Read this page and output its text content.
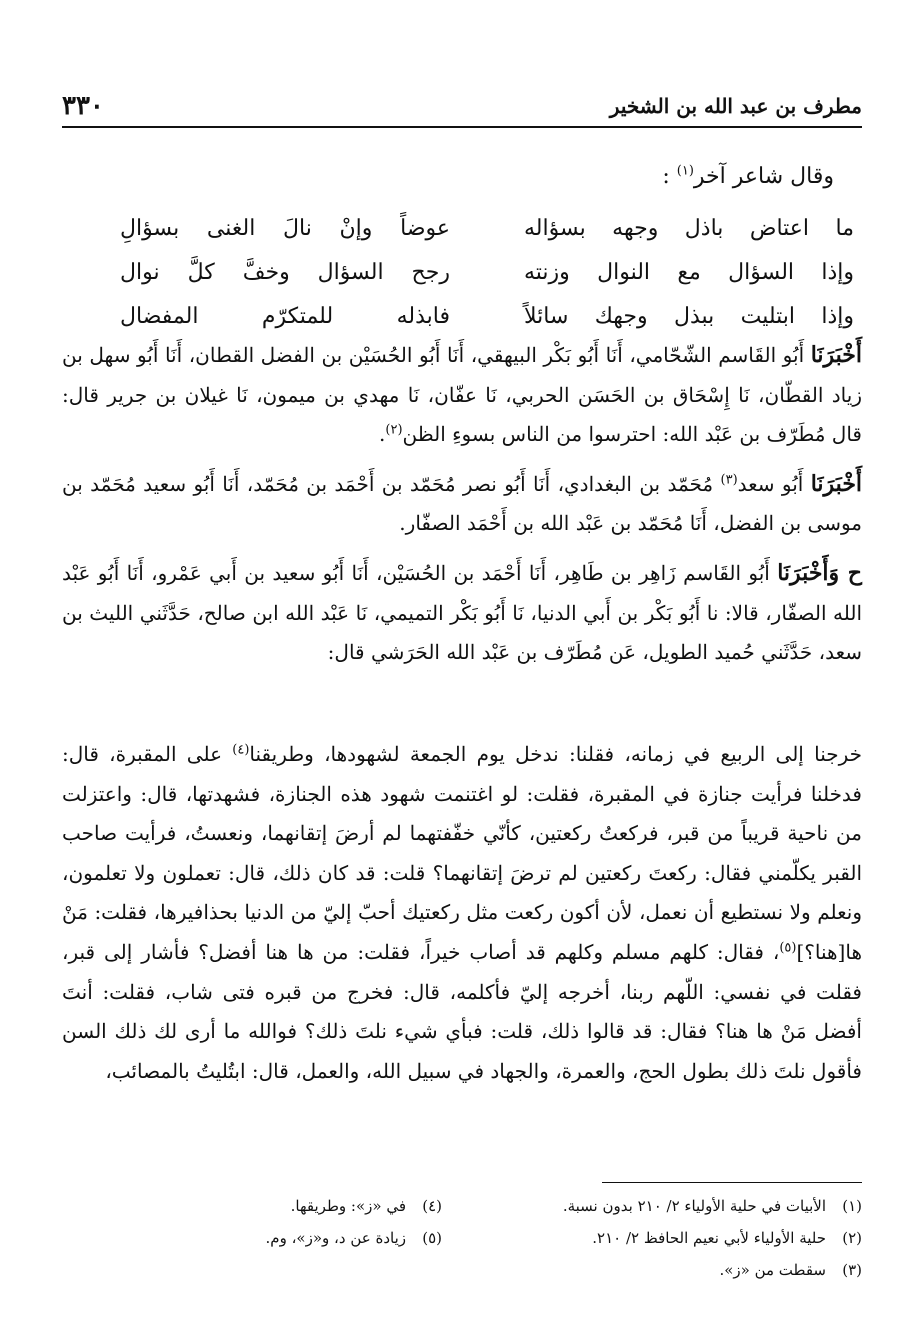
مطرف بن عبد الله بن الشخير
٣٣٠
وقال شاعر آخر$^{(١)}$ :
ما اعتاض باذل وجهه بسؤاله
عوضاً وإنْ نالَ الغنى بسؤالِ
وإذا السؤال مع النوال وزنته
رجح السؤال وخفَّ كلَّ نوال
وإذا ابتليت ببذل وجهك سائلاً
فابذله للمتكرّم المفضال

أَخْبَرَنَا أَبُو القَاسم الشّحّامي، أَنَا أَبُو بَكْر البيهقي، أَنَا أَبُو الحُسَيْن بن الفضل القطان، أَنَا أَبُو سهل بن زياد القطّان، نَا إِسْحَاق بن الحَسَن الحربي، نَا عفّان، نَا مهدي بن ميمون، نَا غيلان بن جرير قال: قال مُطَرّف بن عَبْد الله: احترسوا من الناس بسوءِ الظن$^{(٢)}$.

أَخْبَرَنَا أَبُو سعد$^{(٣)}$ مُحَمّد بن البغدادي، أَنَا أَبُو نصر مُحَمّد بن أَحْمَد بن مُحَمّد، أَنَا أَبُو سعيد مُحَمّد بن موسى بن الفضل، أَنَا مُحَمّد بن عَبْد الله بن أَحْمَد الصفّار.

ح وَأَخْبَرَنَا أَبُو القَاسم زَاهِر بن طَاهِر، أَنَا أَحْمَد بن الحُسَيْن، أَنَا أَبُو سعيد بن أَبي عَمْرو، أَنَا أَبُو عَبْد الله الصفّار، قالا: نا أَبُو بَكْر بن أَبي الدنيا، نَا أَبُو بَكْر التميمي، نَا عَبْد الله ابن صالح، حَدَّثَني الليث بن سعد، حَدَّثَني حُميد الطويل، عَن مُطَرّف بن عَبْد الله الحَرَشي قال:

خرجنا إلى الربيع في زمانه، فقلنا: ندخل يوم الجمعة لشهودها، وطريقنا$^{(٤)}$ على المقبرة، قال: فدخلنا فرأيت جنازة في المقبرة، فقلت: لو اغتنمت شهود هذه الجنازة، فشهدتها، قال: واعتزلت من ناحية قريباً من قبر، فركعتُ ركعتين، كأنّي خفّفتهما لم أرضَ إتقانهما، ونعستُ، فرأيت صاحب القبر يكلّمني فقال: ركعتَ ركعتين لم ترضَ إتقانهما؟ قلت: قد كان ذلك، قال: تعملون ولا تعلمون، ونعلم ولا نستطيع أن نعمل، لأن أكون ركعت مثل ركعتيك أحبّ إليّ من الدنيا بحذافيرها، فقلت: مَنْ ها[هنا؟]$^{(٥)}$، فقال: كلهم مسلم وكلهم قد أصاب خيراً، فقلت: من ها هنا أفضل؟ فأشار إلى قبر، فقلت في نفسي: اللّهم ربنا، أخرجه إليّ فأكلمه، قال: فخرج من قبره فتى شاب، فقلت: أنتَ أفضل مَنْ ها هنا؟ فقال: قد قالوا ذلك، قلت: فبأي شيء نلتَ ذلك؟ فوالله ما أرى لك ذلك السن فأقول نلتَ ذلك بطول الحج، والعمرة، والجهاد في سبيل الله، والعمل، قال: ابتُليتُ بالمصائب،
(١)
الأبيات في حلية الأولياء ٢/ ٢١٠ بدون نسبة.
(٤)
في «ز»: وطريقها.
(٢)
حلية الأولياء لأبي نعيم الحافظ ٢/ ٢١٠.
(٥)
زيادة عن د، و«ز»، وم.
(٣)
سقطت من «ز».
